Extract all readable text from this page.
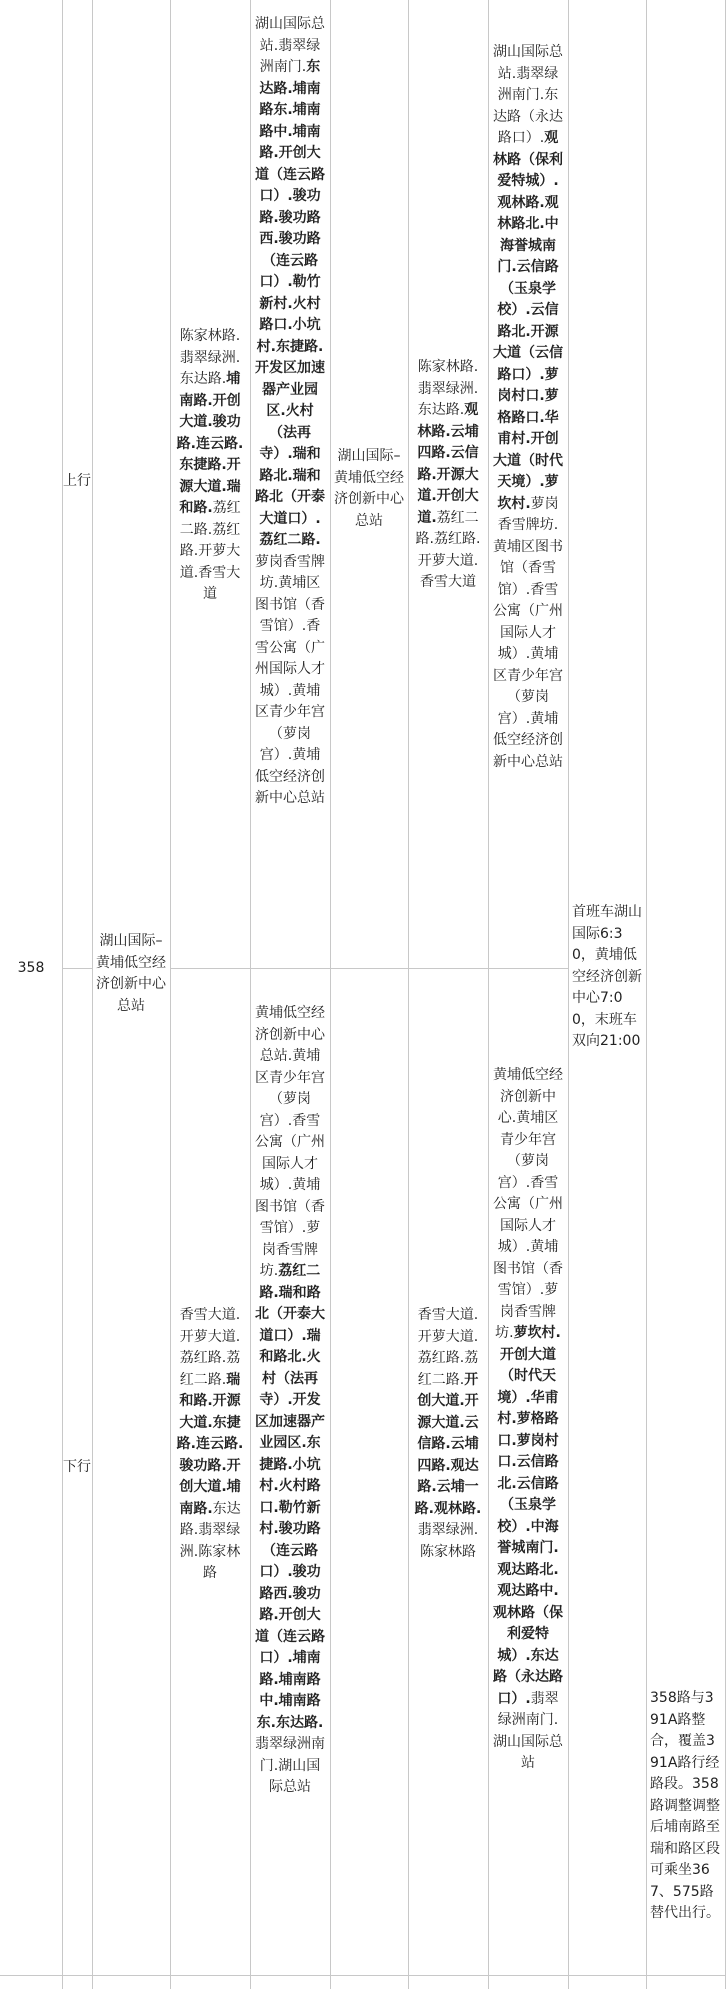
358
上行
下行
湖山国际–黄埔低空经济创新中心总站
陈家林路.翡翠绿洲.东达路.埔南路.开创大道.骏功路.连云路.东捷路.开源大道.瑞和路.荔红二路.荔红路.开萝大道.香雪大道
湖山国际总站.翡翠绿洲南门.东达路.埔南路东.埔南路中.埔南路.开创大道（连云路口）.骏功路.骏功路西.骏功路（连云路口）.勒竹新村.火村路口.小坑村.东捷路.开发区加速器产业园区.火村（法再寺）.瑞和路北.瑞和路北（开泰大道口）.荔红二路.萝岗香雪牌坊.黄埔区图书馆（香雪馆）.香雪公寓（广州国际人才城）.黄埔区青少年宫（萝岗宫）.黄埔低空经济创新中心总站
湖山国际–黄埔低空经济创新中心总站
陈家林路.翡翠绿洲.东达路.观林路.云埔四路.云信路.开源大道.开创大道.荔红二路.荔红路.开萝大道.香雪大道
湖山国际总站.翡翠绿洲南门.东达路（永达路口）.观林路（保利爱特城）.观林路.观林路北.中海誉城南门.云信路（玉泉学校）.云信路北.开源大道（云信路口）.萝岗村口.萝格路口.华甫村.开创大道（时代天境）.萝坎村.萝岗香雪牌坊.黄埔区图书馆（香雪馆）.香雪公寓（广州国际人才城）.黄埔区青少年宫（萝岗宫）.黄埔低空经济创新中心总站
首班车湖山国际6:30，黄埔低空经济创新中心7:00，末班车双向21:00
香雪大道.开萝大道.荔红路.荔红二路.瑞和路.开源大道.东捷路.连云路.骏功路.开创大道.埔南路.东达路.翡翠绿洲.陈家林路
黄埔低空经济创新中心总站.黄埔区青少年宫（萝岗宫）.香雪公寓（广州国际人才城）.黄埔图书馆（香雪馆）.萝岗香雪牌坊.荔红二路.瑞和路北（开泰大道口）.瑞和路北.火村（法再寺）.开发区加速器产业园区.东捷路.小坑村.火村路口.勒竹新村.骏功路（连云路口）.骏功路西.骏功路.开创大道（连云路口）.埔南路.埔南路中.埔南路东.东达路.翡翠绿洲南门.湖山国际总站
香雪大道.开萝大道.荔红路.荔红二路.开创大道.开源大道.云信路.云埔四路.观达路.云埔一路.观林路.翡翠绿洲.陈家林路
黄埔低空经济创新中心.黄埔区青少年宫（萝岗宫）.香雪公寓（广州国际人才城）.黄埔图书馆（香雪馆）.萝岗香雪牌坊.萝坎村.开创大道（时代天境）.华甫村.萝格路口.萝岗村口.云信路北.云信路（玉泉学校）.中海誉城南门.观达路北.观达路中.观林路（保利爱特城）.东达路（永达路口）.翡翠绿洲南门.湖山国际总站
358路与391A路整合，覆盖391A路行经路段。358路调整调整后埔南路至瑞和路区段可乘坐367、575路替代出行。
